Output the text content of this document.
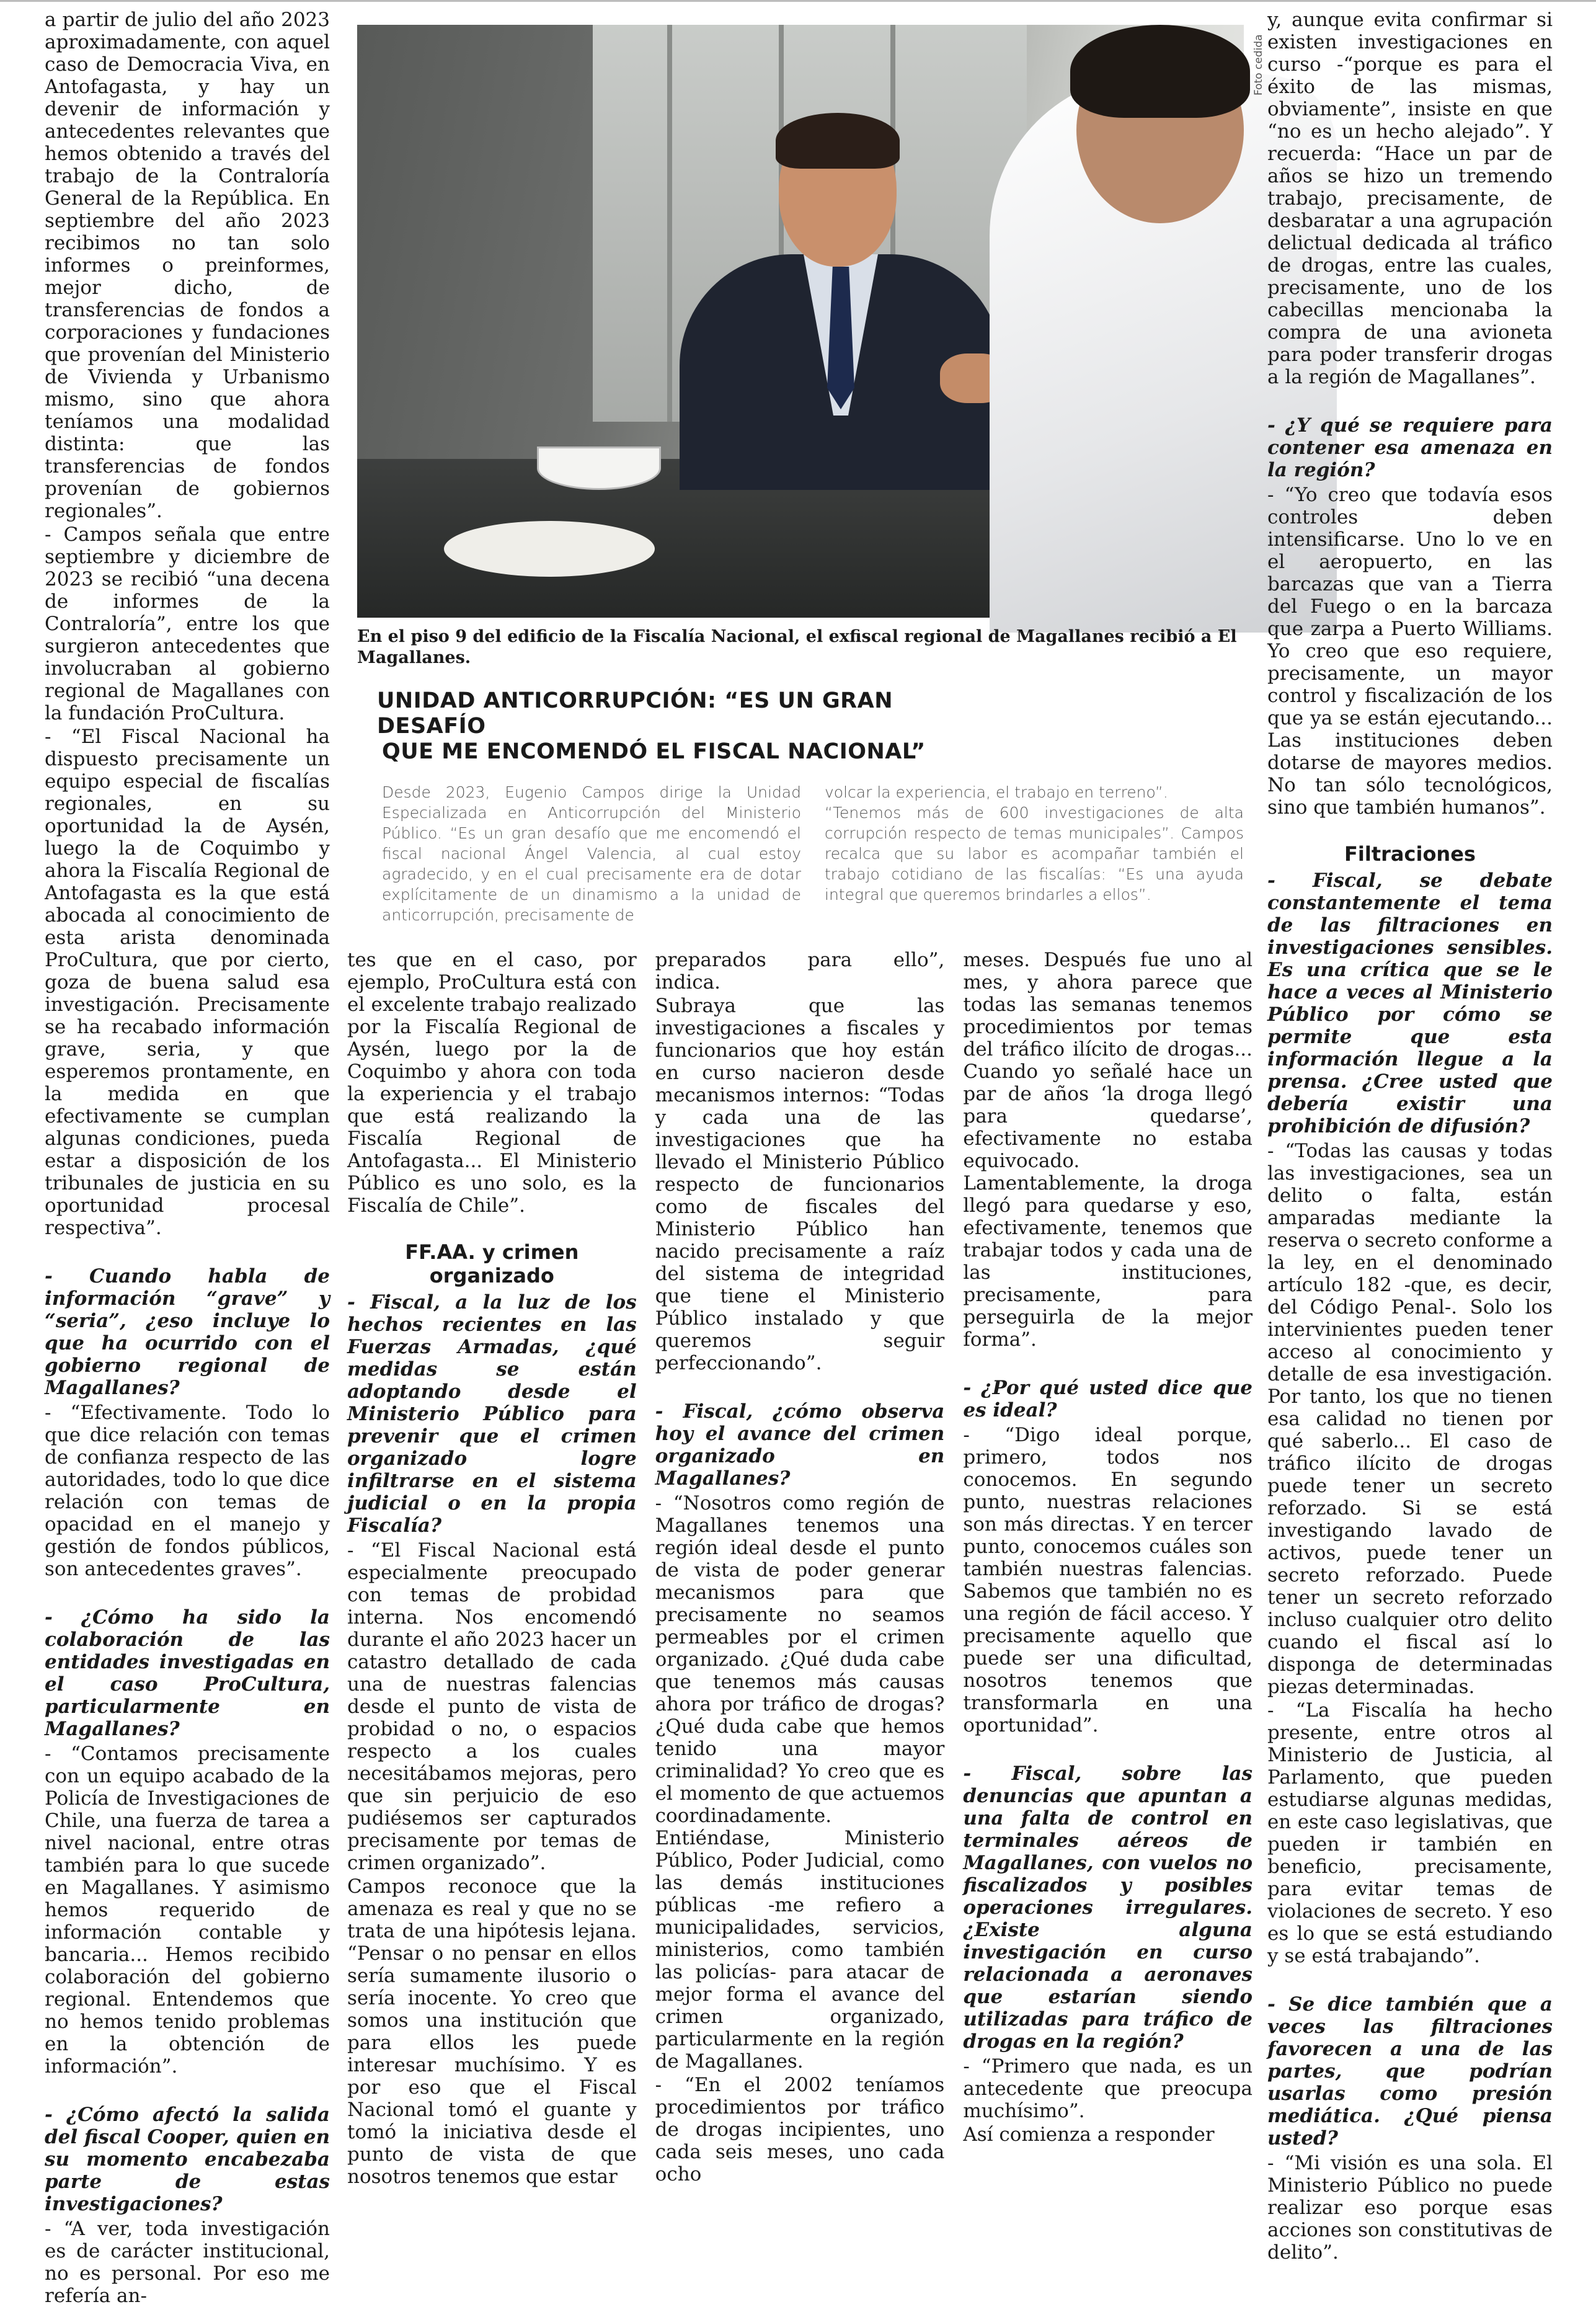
a partir de julio del año 2023 aproximadamente, con aquel caso de Democracia Viva, en Antofagasta, y hay un devenir de información y antecedentes relevantes que hemos obtenido a través del trabajo de la Contraloría General de la República. En septiembre del año 2023 recibimos no tan solo informes o preinformes, mejor dicho, de transferencias de fondos a corporaciones y fundaciones que provenían del Ministerio de Vivienda y Urbanismo mismo, sino que ahora teníamos una modalidad distinta: que las transferencias de fondos provenían de gobiernos regionales”.

- Campos señala que entre septiembre y diciembre de 2023 se recibió “una decena de informes de la Contraloría”, entre los que surgieron antecedentes que involucraban al gobierno regional de Magallanes con la fundación ProCultura.

- “El Fiscal Nacional ha dispuesto precisamente un equipo especial de fiscalías regionales, en su oportunidad la de Aysén, luego la de Coquimbo y ahora la Fiscalía Regional de Antofagasta es la que está abocada al conocimiento de esta arista denominada ProCultura, que por cierto, goza de buena salud esa investigación. Precisamente se ha recabado información grave, seria, y que esperemos prontamente, en la medida en que efectivamente se cumplan algunas condiciones, pueda estar a disposición de los tribunales de justicia en su oportunidad procesal respectiva”.

- Cuando habla de información “grave” y “seria”, ¿eso incluye lo que ha ocurrido con el gobierno regional de Magallanes?

- “Efectivamente. Todo lo que dice relación con temas de confianza respecto de las autoridades, todo lo que dice relación con temas de opacidad en el manejo y gestión de fondos públicos, son antecedentes graves”.

- ¿Cómo ha sido la colaboración de las entidades investigadas en el caso ProCultura, particularmente en Magallanes?

- “Contamos precisamente con un equipo acabado de la Policía de Investigaciones de Chile, una fuerza de tarea a nivel nacional, entre otras también para lo que sucede en Magallanes. Y asimismo hemos requerido de información contable y bancaria... Hemos recibido colaboración del gobierno regional. Entendemos que no hemos tenido problemas en la obtención de información”.

- ¿Cómo afectó la salida del fiscal Cooper, quien en su momento encabezaba parte de estas investigaciones?

- “A ver, toda investigación es de carácter institucional, no es personal. Por eso me refería an-

Foto cedida
En el piso 9 del edificio de la Fiscalía Nacional, el exfiscal regional de Magallanes recibió a El Magallanes.
UNIDAD ANTICORRUPCIÓN: “ES UN GRAN DESAFÍO
QUE ME ENCOMENDÓ EL FISCAL NACIONAL”

Desde 2023, Eugenio Campos dirige la Unidad Especializada en Anticorrupción del Ministerio Público. “Es un gran desafío que me encomendó el fiscal nacional Ángel Valencia, al cual estoy agradecido, y en el cual precisamente era de dotar explícitamente de un dinamismo a la unidad de anticorrupción, precisamente de

volcar la experiencia, el trabajo en terreno”.

“Tenemos más de 600 investigaciones de alta corrupción respecto de temas municipales”. Campos recalca que su labor es acompañar también el trabajo cotidiano de las fiscalías: “Es una ayuda integral que queremos brindarles a ellos”.

tes que en el caso, por ejemplo, ProCultura está con el excelente trabajo realizado por la Fiscalía Regional de Aysén, luego por la de Coquimbo y ahora con toda la experiencia y el trabajo que está realizando la Fiscalía Regional de Antofagasta... El Ministerio Público es uno solo, es la Fiscalía de Chile”.

FF.AA. y crimen organizado

- Fiscal, a la luz de los hechos recientes en las Fuerzas Armadas, ¿qué medidas se están adoptando desde el Ministerio Público para prevenir que el crimen organizado logre infiltrarse en el sistema judicial o en la propia Fiscalía?

- “El Fiscal Nacional está especialmente preocupado con temas de probidad interna. Nos encomendó durante el año 2023 hacer un catastro detallado de cada una de nuestras falencias desde el punto de vista de probidad o no, o espacios respecto a los cuales necesitábamos mejoras, pero que sin perjuicio de eso pudiésemos ser capturados precisamente por temas de crimen organizado”.

Campos reconoce que la amenaza es real y que no se trata de una hipótesis lejana. “Pensar o no pensar en ellos sería sumamente ilusorio o sería inocente. Yo creo que somos una institución que para ellos les puede interesar muchísimo. Y es por eso que el Fiscal Nacional tomó el guante y tomó la iniciativa desde el punto de vista de que nosotros tenemos que estar

preparados para ello”, indica.

Subraya que las investigaciones a fiscales y funcionarios que hoy están en curso nacieron desde mecanismos internos: “Todas y cada una de las investigaciones que ha llevado el Ministerio Público respecto de funcionarios como de fiscales del Ministerio Público han nacido precisamente a raíz del sistema de integridad que tiene el Ministerio Público instalado y que queremos seguir perfeccionando”.

- Fiscal, ¿cómo observa hoy el avance del crimen organizado en Magallanes?

- “Nosotros como región de Magallanes tenemos una región ideal desde el punto de vista de poder generar mecanismos para que precisamente no seamos permeables por el crimen organizado. ¿Qué duda cabe que tenemos más causas ahora por tráfico de drogas? ¿Qué duda cabe que hemos tenido una mayor criminalidad? Yo creo que es el momento de que actuemos coordinadamente. Entiéndase, Ministerio Público, Poder Judicial, como las demás instituciones públicas -me refiero a municipalidades, servicios, ministerios, como también las policías- para atacar de mejor forma el avance del crimen organizado, particularmente en la región de Magallanes.

- “En el 2002 teníamos procedimientos por tráfico de drogas incipientes, uno cada seis meses, uno cada ocho

meses. Después fue uno al mes, y ahora parece que todas las semanas tenemos procedimientos por temas del tráfico ilícito de drogas... Cuando yo señalé hace un par de años ‘la droga llegó para quedarse’, efectivamente no estaba equivocado. Lamentablemente, la droga llegó para quedarse y eso, efectivamente, tenemos que trabajar todos y cada una de las instituciones, precisamente, para perseguirla de la mejor forma”.

- ¿Por qué usted dice que es ideal?

- “Digo ideal porque, primero, todos nos conocemos. En segundo punto, nuestras relaciones son más directas. Y en tercer punto, conocemos cuáles son también nuestras falencias. Sabemos que también no es una región de fácil acceso. Y precisamente aquello que puede ser una dificultad, nosotros tenemos que transformarla en una oportunidad”.

- Fiscal, sobre las denuncias que apuntan a una falta de control en terminales aéreos de Magallanes, con vuelos no fiscalizados y posibles operaciones irregulares. ¿Existe alguna investigación en curso relacionada a aeronaves que estarían siendo utilizadas para tráfico de drogas en la región?

- “Primero que nada, es un antecedente que preocupa muchísimo”.

Así comienza a responder

y, aunque evita confirmar si existen investigaciones en curso -“porque es para el éxito de las mismas, obviamente”, insiste en que “no es un hecho alejado”. Y recuerda: “Hace un par de años se hizo un tremendo trabajo, precisamente, de desbaratar a una agrupación delictual dedicada al tráfico de drogas, entre las cuales, precisamente, uno de los cabecillas mencionaba la compra de una avioneta para poder transferir drogas a la región de Magallanes”.

- ¿Y qué se requiere para contener esa amenaza en la región?

- “Yo creo que todavía esos controles deben intensificarse. Uno lo ve en el aeropuerto, en las barcazas que van a Tierra del Fuego o en la barcaza que zarpa a Puerto Williams. Yo creo que eso requiere, precisamente, un mayor control y fiscalización de los que ya se están ejecutando... Las instituciones deben dotarse de mayores medios. No tan sólo tecnológicos, sino que también humanos”.

Filtraciones

- Fiscal, se debate constantemente el tema de las filtraciones en investigaciones sensibles. Es una crítica que se le hace a veces al Ministerio Público por cómo se permite que esta información llegue a la prensa. ¿Cree usted que debería existir una prohibición de difusión?

- “Todas las causas y todas las investigaciones, sea un delito o falta, están amparadas mediante la reserva o secreto conforme a la ley, en el denominado artículo 182 -que, es decir, del Código Penal-. Solo los intervinientes pueden tener acceso al conocimiento y detalle de esa investigación. Por tanto, los que no tienen esa calidad no tienen por qué saberlo... El caso de tráfico ilícito de drogas puede tener un secreto reforzado. Si se está investigando lavado de activos, puede tener un secreto reforzado. Puede tener un secreto reforzado incluso cualquier otro delito cuando el fiscal así lo disponga de determinadas piezas determinadas.

- “La Fiscalía ha hecho presente, entre otros al Ministerio de Justicia, al Parlamento, que pueden estudiarse algunas medidas, en este caso legislativas, que pueden ir también en beneficio, precisamente, para evitar temas de violaciones de secreto. Y eso es lo que se está estudiando y se está trabajando”.

- Se dice también que a veces las filtraciones favorecen a una de las partes, que podrían usarlas como presión mediática. ¿Qué piensa usted?

- “Mi visión es una sola. El Ministerio Público no puede realizar eso porque esas acciones son constitutivas de delito”.
